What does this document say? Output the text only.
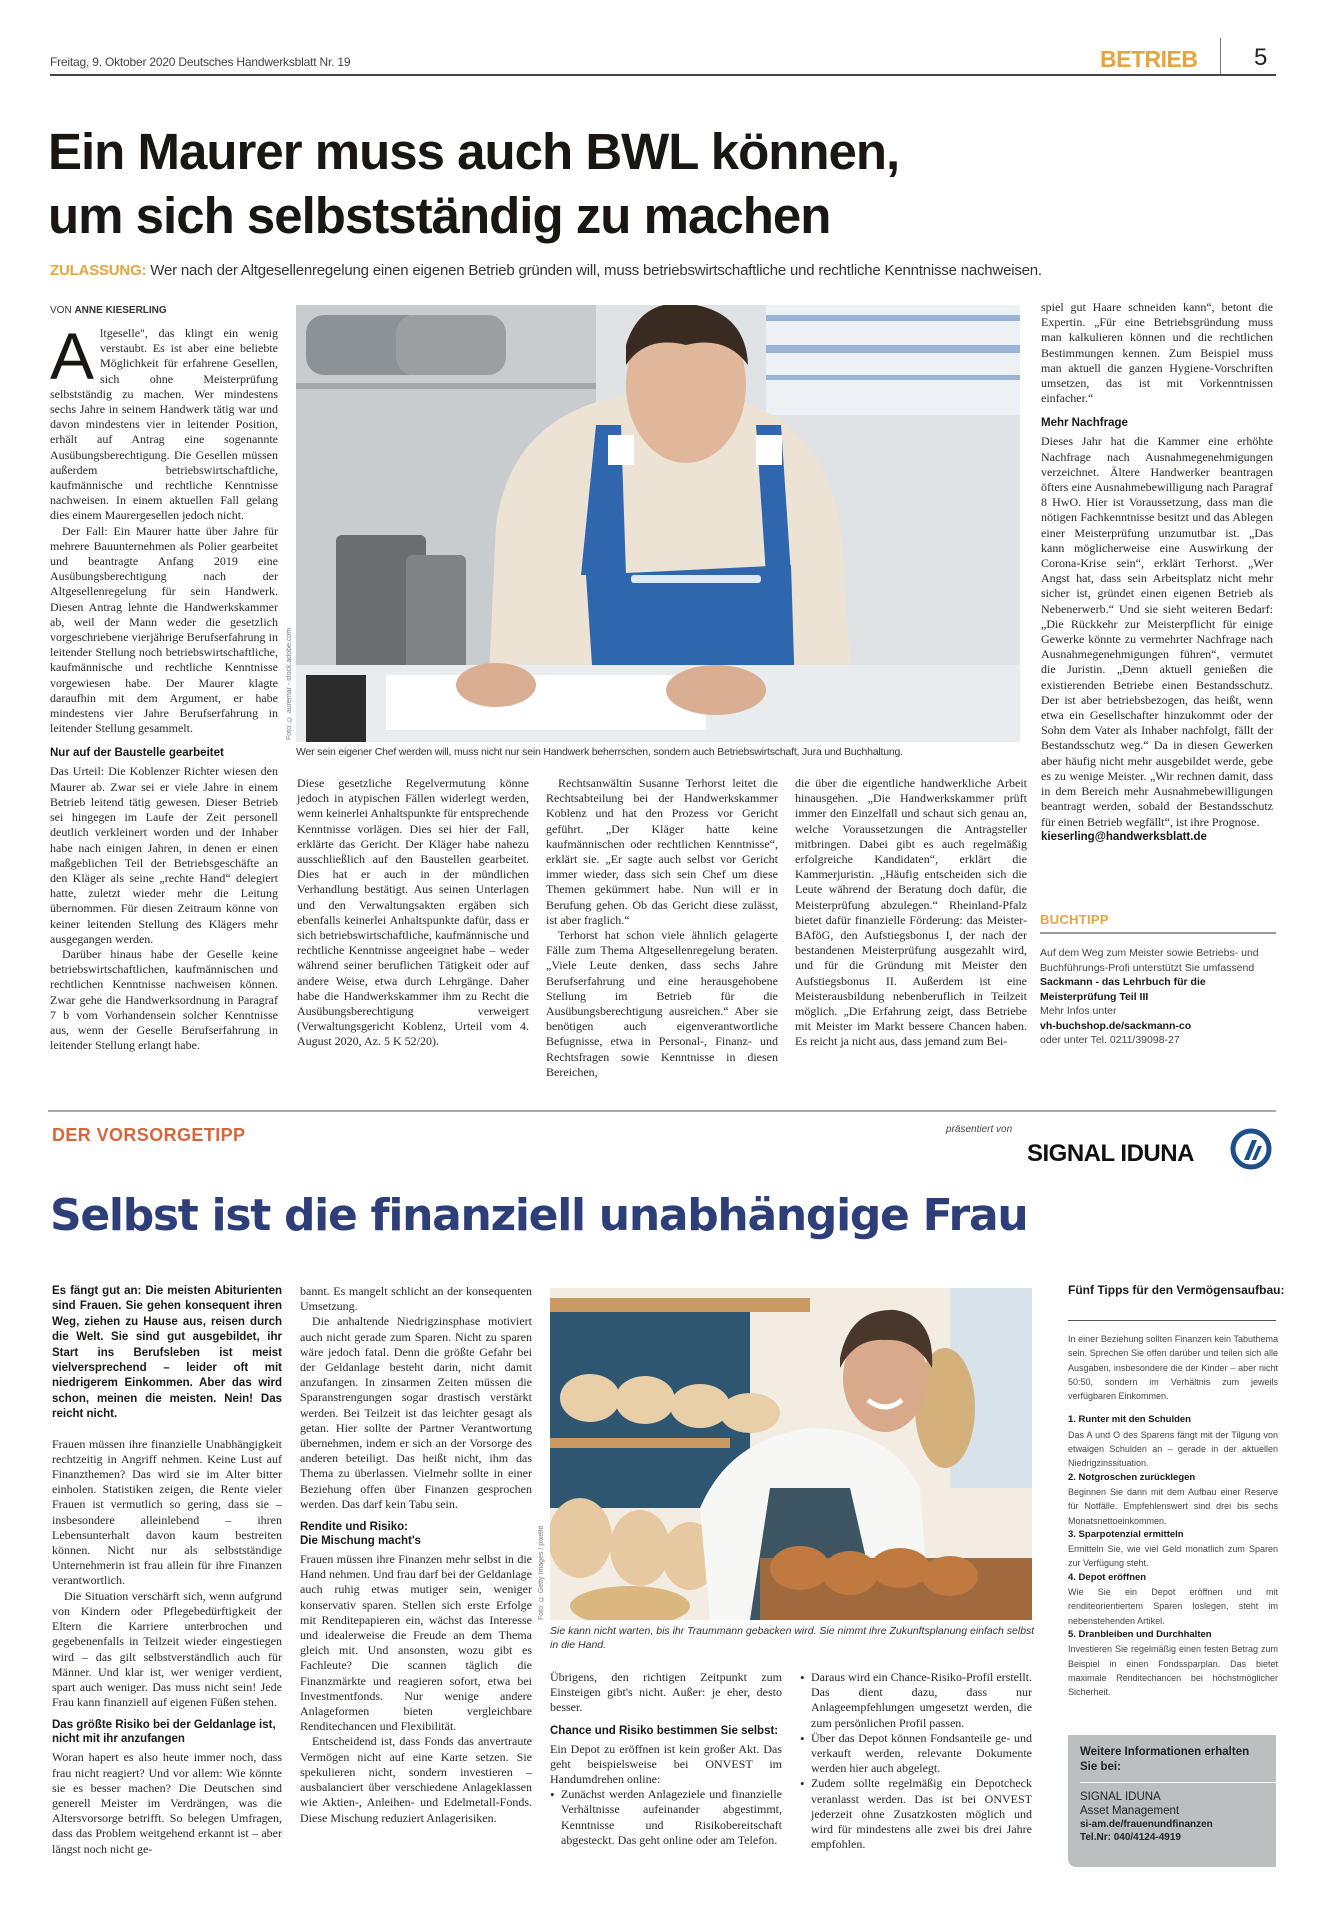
Freitag, 9. Oktober 2020 Deutsches Handwerksblatt Nr. 19	BETRIEB 5
Ein Maurer muss auch BWL können,
um sich selbstständig zu machen
ZULASSUNG: Wer nach der Altgesellenregelung einen eigenen Betrieb gründen will, muss betriebswirtschaftliche und rechtliche Kenntnisse nachweisen.
VON ANNE KIESERLING

Altgeselle", das klingt ein wenig verstaubt. Es ist aber eine beliebte Möglichkeit für erfahrene Gesellen, sich ohne Meisterprüfung selbstständig zu machen. Wer mindestens sechs Jahre in seinem Handwerk tätig war und davon mindestens vier in leitender Position, erhält auf Antrag eine sogenannte Ausübungsberechtigung. Die Gesellen müssen außerdem betriebswirtschaftliche, kaufmännische und rechtliche Kenntnisse nachweisen. In einem aktuellen Fall gelang dies einem Maurergesellen jedoch nicht.

Der Fall: Ein Maurer hatte über Jahre für mehrere Bauunternehmen als Polier gearbeitet und beantragte Anfang 2019 eine Ausübungsberechtigung nach der Altgesellenregelung für sein Handwerk. Diesen Antrag lehnte die Handwerkskammer ab, weil der Mann weder die gesetzlich vorgeschriebene vierjährige Berufserfahrung in leitender Stellung noch betriebswirtschaftliche, kaufmännische und rechtliche Kenntnisse vorgewiesen habe. Der Maurer klagte daraufhin mit dem Argument, er habe mindestens vier Jahre Berufserfahrung in leitender Stellung gesammelt.

Nur auf der Baustelle gearbeitet

Das Urteil: Die Koblenzer Richter wiesen den Maurer ab. Zwar sei er viele Jahre in einem Betrieb leitend tätig gewesen. Dieser Betrieb sei hingegen im Laufe der Zeit personell deutlich verkleinert worden und der Inhaber habe nach einigen Jahren, in denen er einen maßgeblichen Teil der Betriebsgeschäfte an den Kläger als seine „rechte Hand“ delegiert hatte, zuletzt wieder mehr die Leitung übernommen. Für diesen Zeitraum könne von keiner leitenden Stellung des Klägers mehr ausgegangen werden.

Darüber hinaus habe der Geselle keine betriebswirtschaftlichen, kaufmännischen und rechtlichen Kenntnisse nachweisen können. Zwar gehe die Handwerksordnung in Paragraf 7 b vom Vorhandensein solcher Kenntnisse aus, wenn der Geselle Berufserfahrung in leitender Stellung erlangt habe.

Foto: © auremar - stock.adobe.com
Wer sein eigener Chef werden will, muss nicht nur sein Handwerk beherrschen, sondern auch Betriebswirtschaft, Jura und Buchhaltung.

Diese gesetzliche Regelvermutung könne jedoch in atypischen Fällen widerlegt werden, wenn keinerlei Anhaltspunkte für entsprechende Kenntnisse vorlägen. Dies sei hier der Fall, erklärte das Gericht. Der Kläger habe nahezu ausschließlich auf den Baustellen gearbeitet. Dies hat er auch in der mündlichen Verhandlung bestätigt. Aus seinen Unterlagen und den Verwaltungsakten ergäben sich ebenfalls keinerlei Anhaltspunkte dafür, dass er sich betriebswirtschaftliche, kaufmännische und rechtliche Kenntnisse angeeignet habe – weder während seiner beruflichen Tätigkeit oder auf andere Weise, etwa durch Lehrgänge. Daher habe die Handwerkskammer ihm zu Recht die Ausübungsberechtigung verweigert (Verwaltungsgericht Koblenz, Urteil vom 4. August 2020, Az. 5 K 52/20).

Rechtsanwältin Susanne Terhorst leitet die Rechtsabteilung bei der Handwerkskammer Koblenz und hat den Prozess vor Gericht geführt. „Der Kläger hatte keine kaufmännischen oder rechtlichen Kenntnisse“, erklärt sie. „Er sagte auch selbst vor Gericht immer wieder, dass sich sein Chef um diese Themen gekümmert habe. Nun will er in Berufung gehen. Ob das Gericht diese zulässt, ist aber fraglich.“

Terhorst hat schon viele ähnlich gelagerte Fälle zum Thema Altgesellenregelung beraten. „Viele Leute denken, dass sechs Jahre Berufserfahrung und eine herausgehobene Stellung im Betrieb für die Ausübungsberechtigung ausreichen.“ Aber sie benötigen auch eigenverantwortliche Befugnisse, etwa in Personal-, Finanz- und Rechtsfragen sowie Kenntnisse in diesen Bereichen,

die über die eigentliche handwerkliche Arbeit hinausgehen. „Die Handwerkskammer prüft immer den Einzelfall und schaut sich genau an, welche Voraussetzungen die Antragsteller mitbringen. Dabei gibt es auch regelmäßig erfolgreiche Kandidaten“, erklärt die Kammerjuristin. „Häufig entscheiden sich die Leute während der Beratung doch dafür, die Meisterprüfung abzulegen.“ Rheinland-Pfalz bietet dafür finanzielle Förderung: das Meister-BAföG, den Aufstiegsbonus I, der nach der bestandenen Meisterprüfung ausgezahlt wird, und für die Gründung mit Meister den Aufstiegsbonus II. Außerdem ist eine Meisterausbildung nebenberuflich in Teilzeit möglich. „Die Erfahrung zeigt, dass Betriebe mit Meister im Markt bessere Chancen haben. Es reicht ja nicht aus, dass jemand zum Bei-

spiel gut Haare schneiden kann“, betont die Expertin. „Für eine Betriebsgründung muss man kalkulieren können und die rechtlichen Bestimmungen kennen. Zum Beispiel muss man aktuell die ganzen Hygiene-Vorschriften umsetzen, das ist mit Vorkenntnissen einfacher.“

Mehr Nachfrage

Dieses Jahr hat die Kammer eine erhöhte Nachfrage nach Ausnahmegenehmigungen verzeichnet. Ältere Handwerker beantragen öfters eine Ausnahmebewilligung nach Paragraf 8 HwO. Hier ist Voraussetzung, dass man die nötigen Fachkenntnisse besitzt und das Ablegen einer Meisterprüfung unzumutbar ist. „Das kann möglicherweise eine Auswirkung der Corona-Krise sein“, erklärt Terhorst. „Wer Angst hat, dass sein Arbeitsplatz nicht mehr sicher ist, gründet einen eigenen Betrieb als Nebenerwerb.“ Und sie sieht weiteren Bedarf: „Die Rückkehr zur Meisterpflicht für einige Gewerke könnte zu vermehrter Nachfrage nach Ausnahmegenehmigungen führen“, vermutet die Juristin. „Denn aktuell genießen die existierenden Betriebe einen Bestandsschutz. Der ist aber betriebsbezogen, das heißt, wenn etwa ein Gesellschafter hinzukommt oder der Sohn dem Vater als Inhaber nachfolgt, fällt der Bestandsschutz weg.“ Da in diesen Gewerken aber häufig nicht mehr ausgebildet werde, gebe es zu wenige Meister. „Wir rechnen damit, dass in dem Bereich mehr Ausnahmebewilligungen beantragt werden, sobald der Bestandsschutz für einen Betrieb wegfällt“, ist ihre Prognose.

kieserling@handwerksblatt.de

BUCHTIPP
Auf dem Weg zum Meister sowie Betriebs- und Buchführungs-Profi unterstützt Sie umfassend
Sackmann - das Lehrbuch für die Meisterprüfung Teil III
Mehr Infos unter
vh-buchshop.de/sackmann-co
oder unter Tel. 0211/39098-27
DER VORSORGETIPP	präsentiert von
SIGNAL IDUNA
Selbst ist die finanziell unabhängige Frau

Es fängt gut an: Die meisten Abiturienten sind Frauen. Sie gehen konsequent ihren Weg, ziehen zu Hause aus, reisen durch die Welt. Sie sind gut ausgebildet, ihr Start ins Berufsleben ist meist vielversprechend – leider oft mit niedrigerem Einkommen. Aber das wird schon, meinen die meisten. Nein! Das reicht nicht.

Frauen müssen ihre finanzielle Unabhängigkeit rechtzeitig in Angriff nehmen. Keine Lust auf Finanzthemen? Das wird sie im Alter bitter einholen. Statistiken zeigen, die Rente vieler Frauen ist vermutlich so gering, dass sie – insbesondere alleinlebend – ihren Lebensunterhalt davon kaum bestreiten können. Nicht nur als selbstständige Unternehmerin ist frau allein für ihre Finanzen verantwortlich.

Die Situation verschärft sich, wenn aufgrund von Kindern oder Pflegebedürftigkeit der Eltern die Karriere unterbrochen und gegebenenfalls in Teilzeit wieder eingestiegen wird – das gilt selbstverständlich auch für Männer. Und klar ist, wer weniger verdient, spart auch weniger. Das muss nicht sein! Jede Frau kann finanziell auf eigenen Füßen stehen.

Das größte Risiko bei der Geldanlage ist, nicht mit ihr anzufangen

Woran hapert es also heute immer noch, dass frau nicht reagiert? Und vor allem: Wie könnte sie es besser machen? Die Deutschen sind generell Meister im Verdrängen, was die Altersvorsorge betrifft. So belegen Umfragen, dass das Problem weitgehend erkannt ist – aber längst noch nicht ge-

bannt. Es mangelt schlicht an der konsequenten Umsetzung.

Die anhaltende Niedrigzinsphase motiviert auch nicht gerade zum Sparen. Nicht zu sparen wäre jedoch fatal. Denn die größte Gefahr bei der Geldanlage besteht darin, nicht damit anzufangen. In zinsarmen Zeiten müssen die Sparanstrengungen sogar drastisch verstärkt werden. Bei Teilzeit ist das leichter gesagt als getan. Hier sollte der Partner Verantwortung übernehmen, indem er sich an der Vorsorge des anderen beteiligt. Das heißt nicht, ihm das Thema zu überlassen. Vielmehr sollte in einer Beziehung offen über Finanzen gesprochen werden. Das darf kein Tabu sein.

Rendite und Risiko:
Die Mischung macht's

Frauen müssen ihre Finanzen mehr selbst in die Hand nehmen. Und frau darf bei der Geldanlage auch ruhig etwas mutiger sein, weniger konservativ sparen. Stellen sich erste Erfolge mit Renditepapieren ein, wächst das Interesse und idealerweise die Freude an dem Thema gleich mit. Und ansonsten, wozu gibt es Fachleute? Die scannen täglich die Finanzmärkte und reagieren sofort, etwa bei Investmentfonds. Nur wenige andere Anlageformen bieten vergleichbare Renditechancen und Flexibilität.

Entscheidend ist, dass Fonds das anvertraute Vermögen nicht auf eine Karte setzen. Sie spekulieren nicht, sondern investieren – ausbalanciert über verschiedene Anlageklassen wie Aktien-, Anleihen- und Edelmetall-Fonds. Diese Mischung reduziert Anlagerisiken.

Foto: © Getty Images / pixelfit
Sie kann nicht warten, bis ihr Traummann gebacken wird. Sie nimmt ihre Zukunftsplanung einfach selbst in die Hand.

Übrigens, den richtigen Zeitpunkt zum Einsteigen gibt's nicht. Außer: je eher, desto besser.

Chance und Risiko bestimmen Sie selbst:

Ein Depot zu eröffnen ist kein großer Akt. Das geht beispielsweise bei ONVEST im Handumdrehen online:

• Zunächst werden Anlageziele und finanzielle Verhältnisse aufeinander abgestimmt, Kenntnisse und Risikobereitschaft abgesteckt. Das geht online oder am Telefon.
• Daraus wird ein Chance-Risiko-Profil erstellt. Das dient dazu, dass nur Anlageempfehlungen umgesetzt werden, die zum persönlichen Profil passen.
• Über das Depot können Fondsanteile ge- und verkauft werden, relevante Dokumente werden hier auch abgelegt.
• Zudem sollte regelmäßig ein Depotcheck veranlasst werden. Das ist bei ONVEST jederzeit ohne Zusatzkosten möglich und wird für mindestens alle zwei bis drei Jahre empfohlen.
Fünf Tipps für den Vermögensaufbau:
In einer Beziehung sollten Finanzen kein Tabuthema sein. Sprechen Sie offen darüber und teilen sich alle Ausgaben, insbesondere die der Kinder – aber nicht 50:50, sondern im Verhältnis zum jeweils verfügbaren Einkommen.
1. Runter mit den Schulden
Das A und O des Sparens fängt mit der Tilgung von etwaigen Schulden an – gerade in der aktuellen Niedrigzinssituation.
2. Notgroschen zurücklegen
Beginnen Sie dann mit dem Aufbau einer Reserve für Notfälle. Empfehlenswert sind drei bis sechs Monatsnettoeinkommen.
3. Sparpotenzial ermitteln
Ermitteln Sie, wie viel Geld monatlich zum Sparen zur Verfügung steht.
4. Depot eröffnen
Wie Sie ein Depot eröffnen und mit renditeorientiertem Sparen loslegen, steht im nebenstehenden Artikel.
5. Dranbleiben und Durchhalten
Investieren Sie regelmäßig einen festen Betrag zum Beispiel in einen Fondssparplan. Das bietet maximale Renditechancen bei höchstmöglicher Sicherheit.
Weitere Informationen erhalten Sie bei:
SIGNAL IDUNA
Asset Management
si-am.de/frauenundfinanzen
Tel.Nr: 040/4124-4919
